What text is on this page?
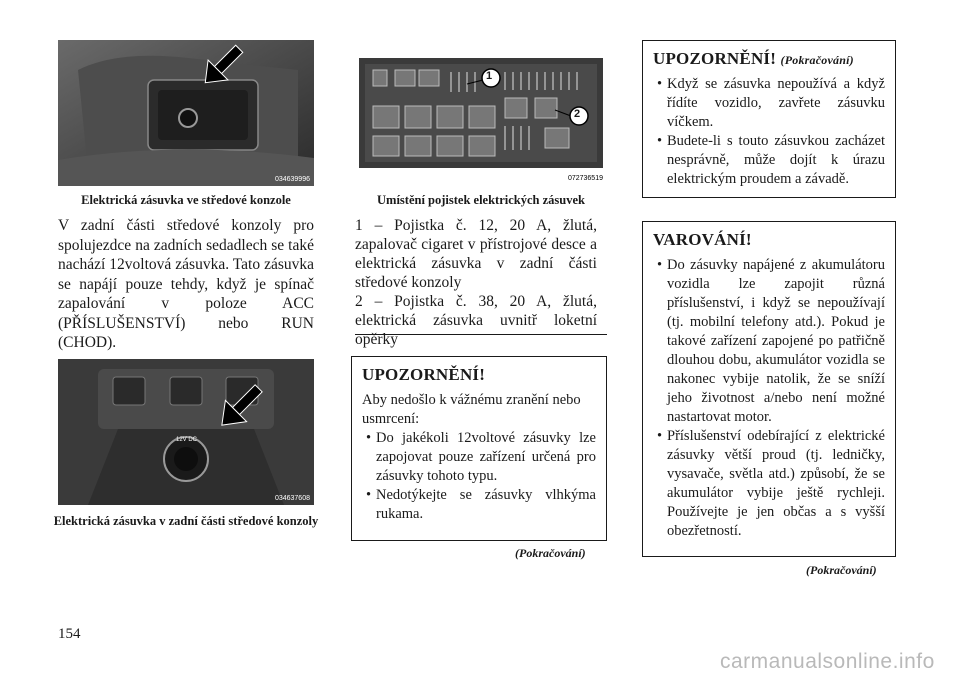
034639996
Elektrická zásuvka ve středové konzole
V zadní části středové konzoly pro spolujezdce na zadních sedadlech se také nachází 12voltová zásuvka. Tato zásuvka se napájí pouze tehdy, když je spínač zapalování v poloze ACC (PŘÍSLUŠENSTVÍ) nebo RUN (CHOD).
12V DC
034637608
Elektrická zásuvka v zadní části středové konzoly
1
2
072736519
Umístění pojistek elektrických zásuvek
1 – Pojistka č. 12, 20 A, žlutá, zapalovač cigaret v přístrojové desce a elektrická zásuvka v zadní části středové konzoly
2 – Pojistka č. 38, 20 A, žlutá, elektrická zásuvka uvnitř loketní opěrky
UPOZORNĚNÍ!

Aby nedošlo k vážnému zranění nebo usmrcení:

• Do jakékoli 12voltové zásuvky lze zapojovat pouze zařízení určená pro zásuvky tohoto typu.
• Nedotýkejte se zásuvky vlhkýma rukama.
(Pokračování)
UPOZORNĚNÍ! (Pokračování)
• Když se zásuvka nepoužívá a když řídíte vozidlo, zavřete zásuvku víčkem.
• Budete-li s touto zásuvkou zacházet nesprávně, může dojít k úrazu elektrickým proudem a závadě.
VAROVÁNÍ!
• Do zásuvky napájené z akumulátoru vozidla lze zapojit různá příslušenství, i když se nepoužívají (tj. mobilní telefony atd.). Pokud je takové zařízení zapojené po patřičně dlouhou dobu, akumulátor vozidla se nakonec vybije natolik, že se sníží jeho životnost a/nebo není možné nastartovat motor.
• Příslušenství odebírající z elektrické zásuvky větší proud (tj. ledničky, vysavače, světla atd.) způsobí, že se akumulátor vybije ještě rychleji. Používejte je jen občas a s vyšší obezřetností.
(Pokračování)
154
carmanualsonline.info
